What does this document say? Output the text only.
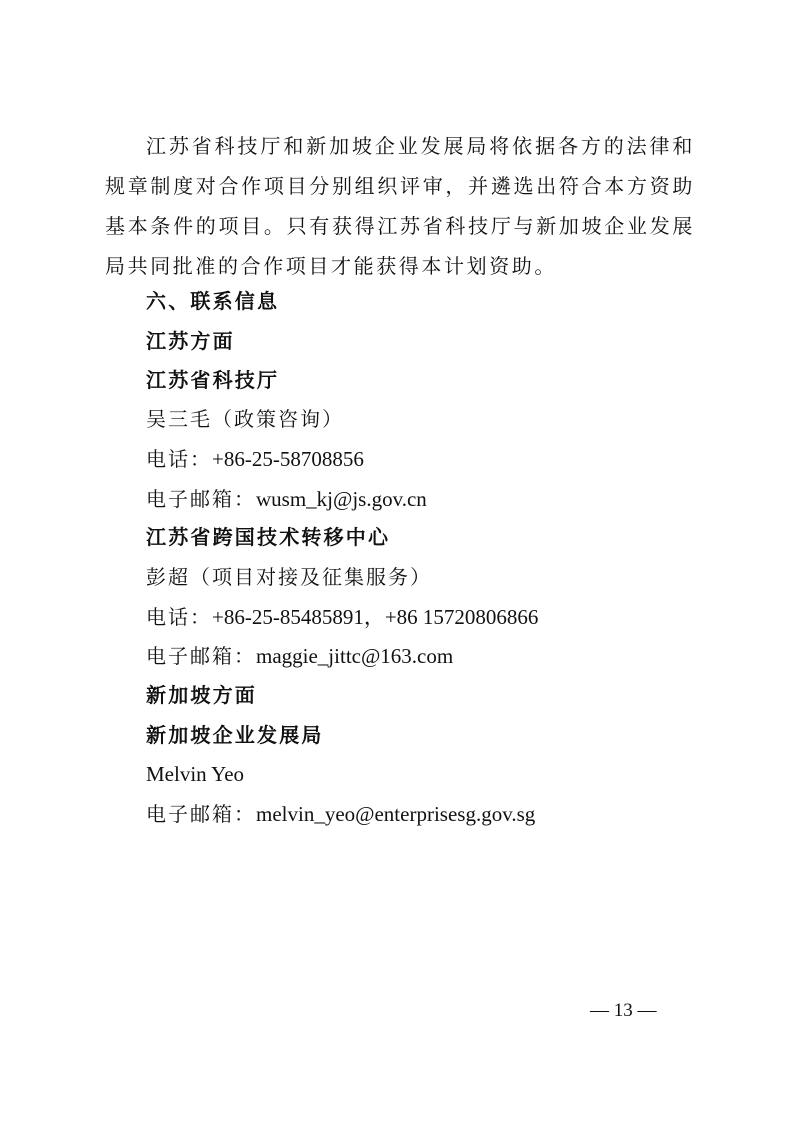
江苏省科技厅和新加坡企业发展局将依据各方的法律和规章制度对合作项目分别组织评审，并遴选出符合本方资助基本条件的项目。只有获得江苏省科技厅与新加坡企业发展局共同批准的合作项目才能获得本计划资助。

六、联系信息
江苏方面
江苏省科技厅
吴三毛（政策咨询）
电话：+86-25-58708856
电子邮箱：wusm_kj@js.gov.cn
江苏省跨国技术转移中心
彭超（项目对接及征集服务）
电话：+86-25-85485891，+86 15720806866
电子邮箱：maggie_jittc@163.com
新加坡方面
新加坡企业发展局
Melvin Yeo
电子邮箱：melvin_yeo@enterprisesg.gov.sg
— 13 —
